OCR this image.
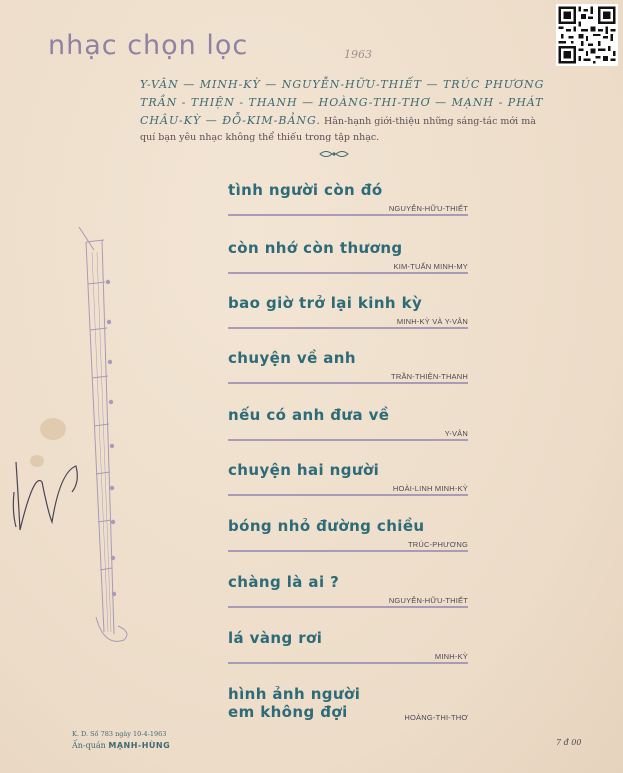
nhạc chọn lọc	1963
Y-VÂN — MINH-KỲ — NGUYỄN-HỮU-THIẾT — TRÚC PHƯƠNG
TRẦN - THIỆN - THANH — HOÀNG-THI-THƠ — MẠNH - PHÁT
CHÂU-KỲ — ĐỖ-KIM-BẢNG. Hân-hạnh giới-thiệu những sáng-tác mới mà
quí bạn yêu nhạc không thể thiếu trong tập nhạc.
tình người còn đó
NGUYỄN-HỮU-THIẾT
còn nhớ còn thương
KIM-TUẤN MINH-MY
bao giờ trở lại kinh kỳ
MINH-KỲ VÀ Y-VÂN
chuyện về anh
TRẦN-THIỆN-THANH
nếu có anh đưa về
Y-VÂN
chuyện hai người
HOÀI-LINH MINH-KỲ
bóng nhỏ đường chiều
TRÚC-PHƯƠNG
chàng là ai ?
NGUYỄN-HỮU-THIẾT
lá vàng rơi
MINH-KỲ
hình ảnh người
em không đợi	HOÀNG-THI-THƠ
K. D. Số 783 ngày 10-4-1963
Ấn-quán MẠNH-HÙNG	7 đ 00
